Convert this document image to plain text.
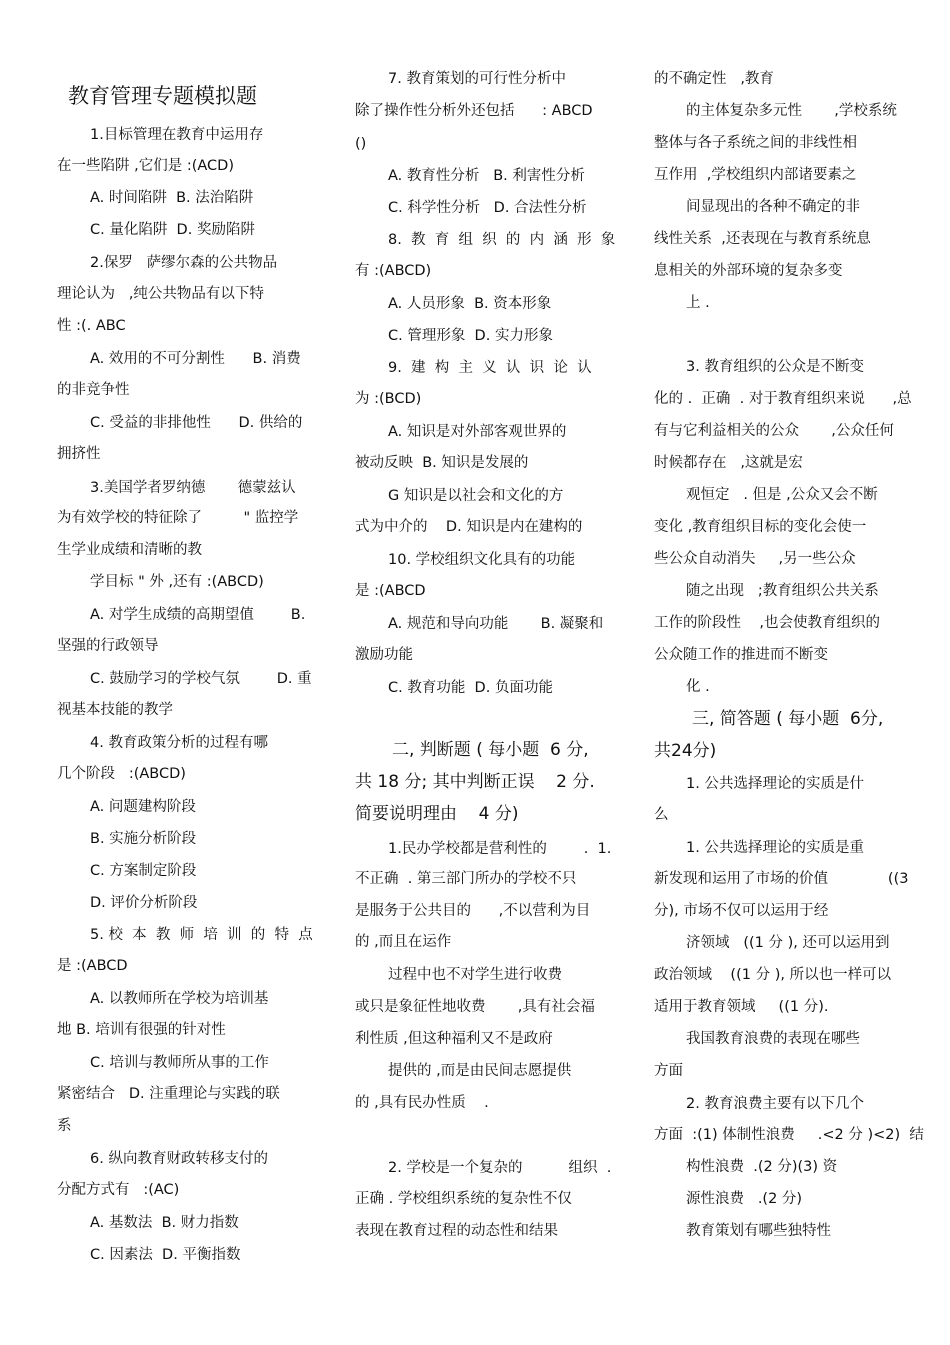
教育管理专题模拟题
1.目标管理在教育中运用存
在一些陷阱 ,它们是 :(ACD)
A. 时间陷阱  B. 法治陷阱
C. 量化陷阱  D. 奖励陷阱
2.保罗   萨缪尔森的公共物品
理论认为   ,纯公共物品有以下特
性 :(. ABC
A. 效用的不可分割性      B. 消费
的非竞争性
C. 受益的非排他性      D. 供给的
拥挤性
3.美国学者罗纳德       德蒙兹认
为有效学校的特征除了         " 监控学
生学业成绩和清晰的教
学目标 " 外 ,还有 :(ABCD)
A. 对学生成绩的高期望值        B.
坚强的行政领导
C. 鼓励学习的学校气氛        D. 重
视基本技能的教学
4. 教育政策分析的过程有哪
几个阶段   :(ABCD)
A. 问题建构阶段
B. 实施分析阶段
C. 方案制定阶段
D. 评价分析阶段
5. 校  本  教  师  培  训  的  特  点
是 :(ABCD
A. 以教师所在学校为培训基
地 B. 培训有很强的针对性
C. 培训与教师所从事的工作
紧密结合   D. 注重理论与实践的联
系
6. 纵向教育财政转移支付的
分配方式有   :(AC)
A. 基数法  B. 财力指数
C. 因素法  D. 平衡指数
7. 教育策划的可行性分析中
除了操作性分析外还包括      : ABCD
()
A. 教育性分析   B. 利害性分析
C. 科学性分析   D. 合法性分析
8.  教  育  组  织  的  内  涵  形  象
有 :(ABCD)
A. 人员形象  B. 资本形象
C. 管理形象  D. 实力形象
9.  建  构  主  义  认  识  论  认
为 :(BCD)
A. 知识是对外部客观世界的
被动反映  B. 知识是发展的
G 知识是以社会和文化的方
式为中介的    D. 知识是内在建构的
10. 学校组织文化具有的功能
是 :(ABCD
A. 规范和导向功能       B. 凝聚和
激励功能
C. 教育功能  D. 负面功能
二, 判断题 ( 每小题  6 分,
共 18 分; 其中判断正误    2 分.
简要说明理由    4 分)
1.民办学校都是营利性的        .  1.
不正确  . 第三部门所办的学校不只
是服务于公共目的      ,不以营利为目
的 ,而且在运作
过程中也不对学生进行收费
或只是象征性地收费       ,具有社会福
利性质 ,但这种福利又不是政府
提供的 ,而是由民间志愿提供
的 ,具有民办性质    .
2. 学校是一个复杂的          组织  .
正确 . 学校组织系统的复杂性不仅
表现在教育过程的动态性和结果
的不确定性   ,教育
的主体复杂多元性       ,学校系统
整体与各子系统之间的非线性相
互作用  ,学校组织内部诸要素之
间显现出的各种不确定的非
线性关系  ,还表现在与教育系统息
息相关的外部环境的复杂多变
上 .
3. 教育组织的公众是不断变
化的 .  正确  . 对于教育组织来说      ,总
有与它利益相关的公众       ,公众任何
时候都存在   ,这就是宏
观恒定   . 但是 ,公众又会不断
变化 ,教育组织目标的变化会使一
些公众自动消失     ,另一些公众
随之出现   ;教育组织公共关系
工作的阶段性    ,也会使教育组织的
公众随工作的推进而不断变
化 .
三, 简答题 ( 每小题  6分,
共24分)
1. 公共选择理论的实质是什
么
1. 公共选择理论的实质是重
新发现和运用了市场的价值             ((3
分), 市场不仅可以运用于经
济领域   ((1 分 ), 还可以运用到
政治领域    ((1 分 ), 所以也一样可以
适用于教育领域     ((1 分).
我国教育浪费的表现在哪些
方面
2. 教育浪费主要有以下几个
方面  :(1) 体制性浪费     .<2 分 )<2)  结
构性浪费  .(2 分)(3) 资
源性浪费   .(2 分)
教育策划有哪些独特性
